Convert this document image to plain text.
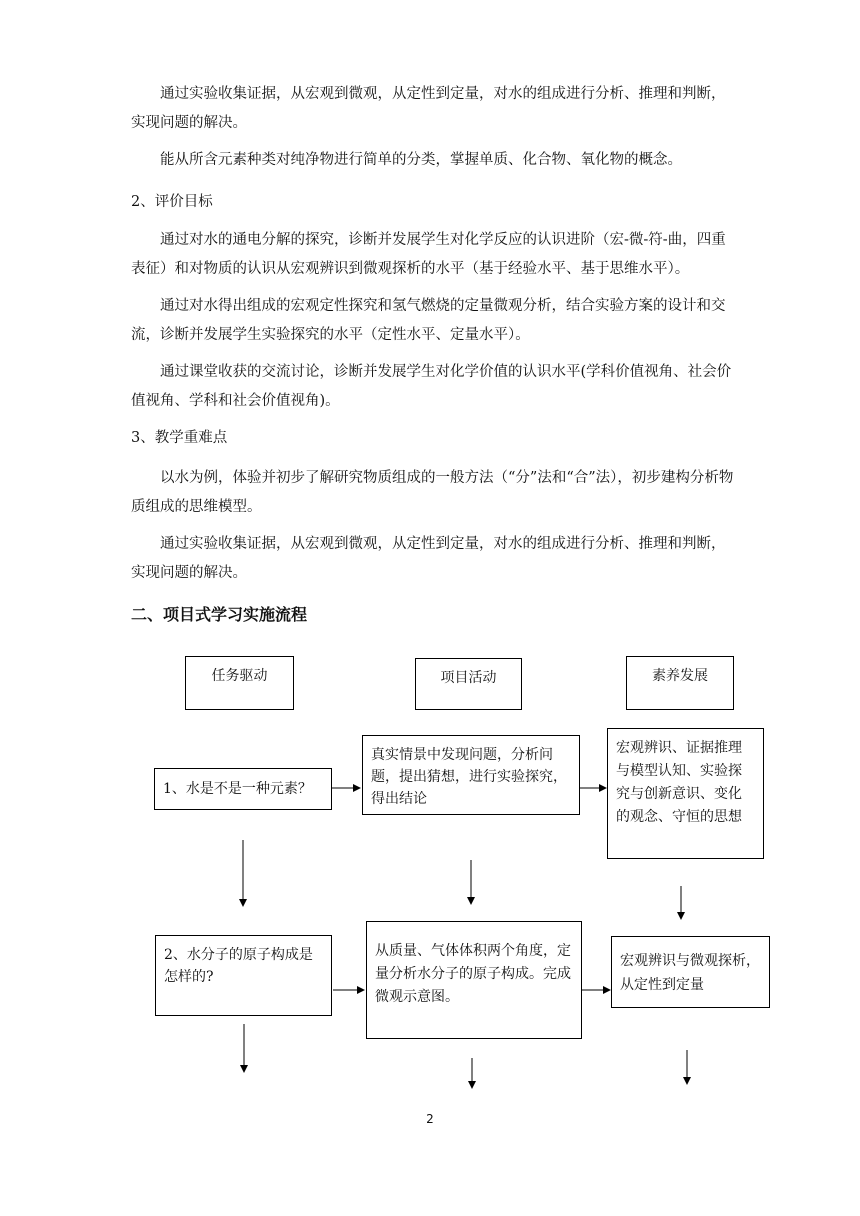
通过实验收集证据，从宏观到微观，从定性到定量，对水的组成进行分析、推理和判断，实现问题的解决。

能从所含元素种类对纯净物进行简单的分类，掌握单质、化合物、氧化物的概念。

2、评价目标

通过对水的通电分解的探究，诊断并发展学生对化学反应的认识进阶（宏-微-符-曲，四重表征）和对物质的认识从宏观辨识到微观探析的水平（基于经验水平、基于思维水平）。

通过对水得出组成的宏观定性探究和氢气燃烧的定量微观分析，结合实验方案的设计和交流，诊断并发展学生实验探究的水平（定性水平、定量水平）。

通过课堂收获的交流讨论，诊断并发展学生对化学价值的认识水平(学科价值视角、社会价值视角、学科和社会价值视角)。

3、教学重难点

以水为例，体验并初步了解研究物质组成的一般方法（“分”法和“合”法），初步建构分析物质组成的思维模型。

通过实验收集证据，从宏观到微观，从定性到定量，对水的组成进行分析、推理和判断，实现问题的解决。

二、项目式学习实施流程

任务驱动	项目活动	素养发展
1、水是不是一种元素？
真实情景中发现问题，分析问题，提出猜想，进行实验探究，得出结论
宏观辨识、证据推理与模型认知、实验探究与创新意识、变化的观念、守恒的思想
2、水分子的原子构成是怎样的?
从质量、气体体积两个角度，定量分析水分子的原子构成。完成微观示意图。
宏观辨识与微观探析，从定性到定量
2
